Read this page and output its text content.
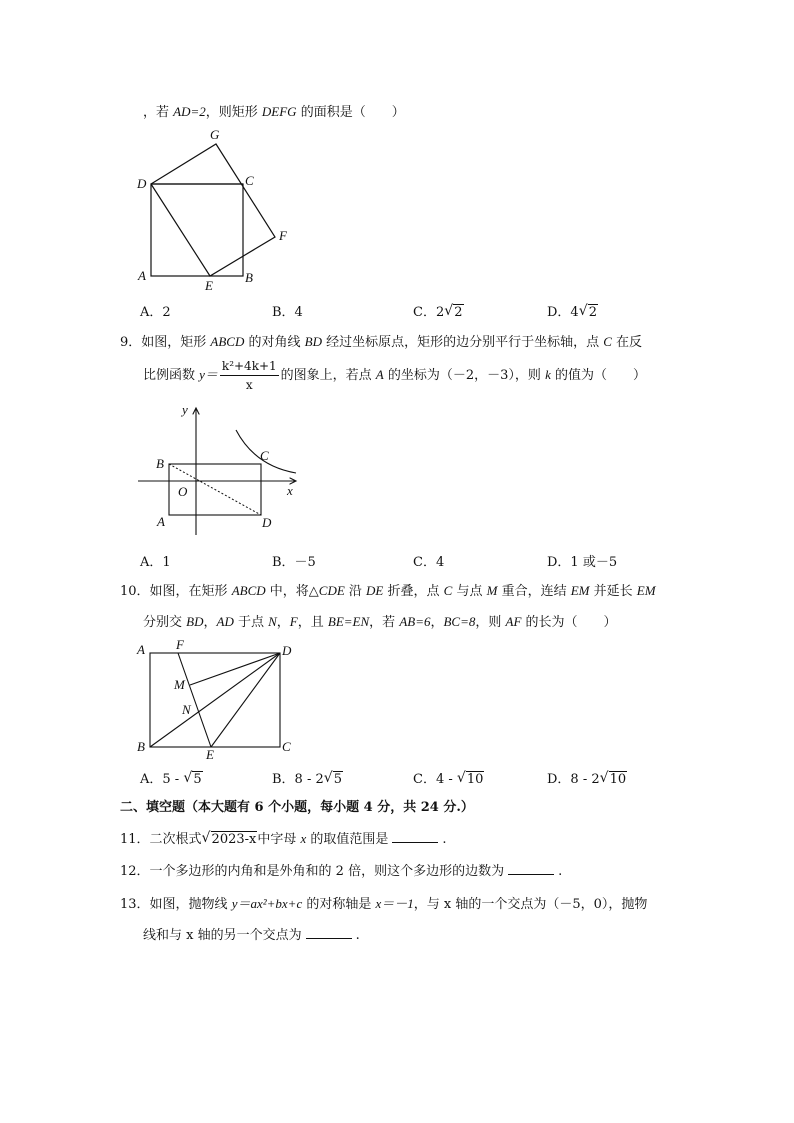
，若 AD=2，则矩形 DEFG 的面积是（　　）
G
D	C
F
A
E
B
A．2	B．4	C．2 √ 2	D．4 √ 2
9．如图，矩形 ABCD 的对角线 BD 经过坐标原点，矩形的边分别平行于坐标轴，点 C 在反
比例函数 $y= \frac{\text{k²+4k+1}}{x}$ 的图象上，若点 A 的坐标为（－2，－3），则 k 的值为（　　）
y
B
C
O	x
A	D
A．1	B．－5	C．4	D．1 或－5
10．如图，在矩形 ABCD 中，将△CDE 沿 DE 折叠，点 C 与点 M 重合，连结 EM 并延长 EM
分别交 BD，AD 于点 N，F，且 BE=EN，若 AB=6，BC=8，则 AF 的长为（　　）
A F	D
M
N
B
E
C
A．5 - √ 5	B．8 - 2 √ 5	C．4 - √ 10	D．8 - 2 √ 10
二、填空题（本大题有 6 个小题，每小题 4 分，共 24 分.）
11．二次根式 √ 2023-x中字母 x 的取值范围是	.
12．一个多边形的内角和是外角和的 2 倍，则这个多边形的边数为	.
13．如图，抛物线 y＝ax²+bx+c 的对称轴是 x＝－1，与 x 轴的一个交点为（－5，0），抛物
线和与 x 轴的另一个交点为	.
